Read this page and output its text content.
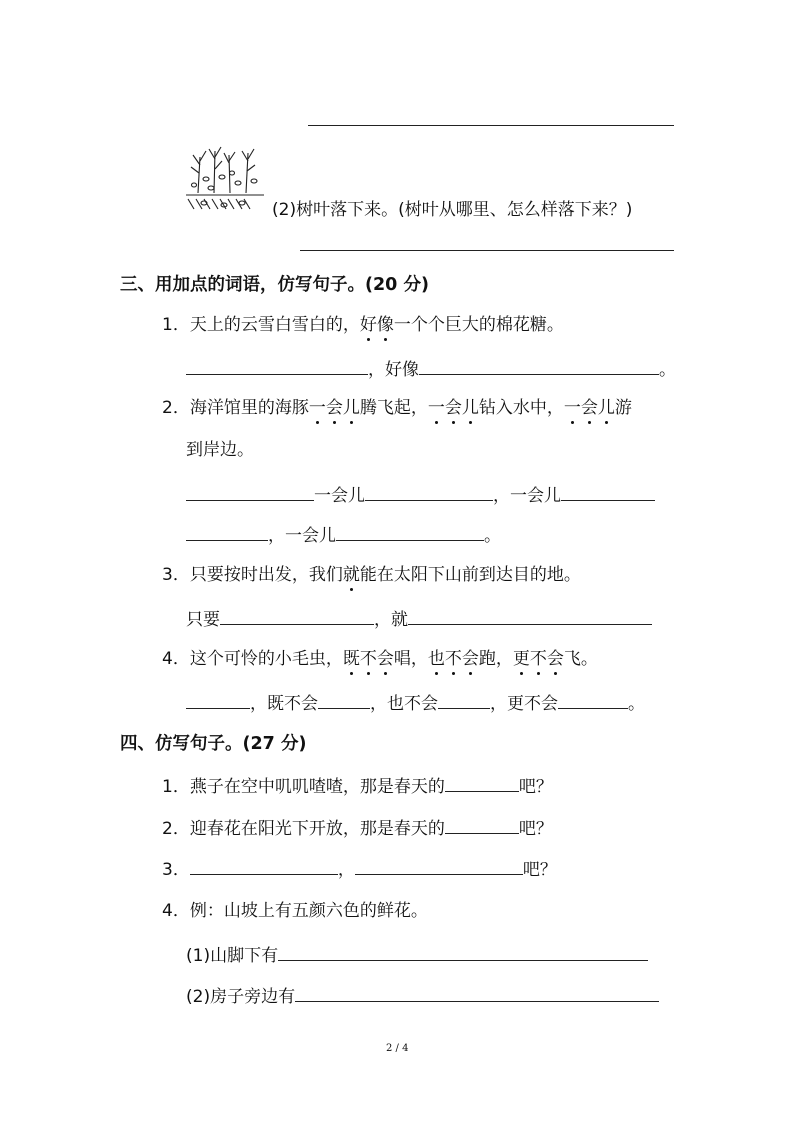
(2)树叶落下来。(树叶从哪里、怎么样落下来？)
三、用加点的词语，仿写句子。(20 分)
1．天上的云雪白雪白的，好像一个个巨大的棉花糖。
，好像	。
2．海洋馆里的海豚一会儿腾飞起，一会儿钻入水中，一会儿游
到岸边。
一会儿	，一会儿
，一会儿	。
3．只要按时出发，我们就能在太阳下山前到达目的地。
只要	，就
4．这个可怜的小毛虫，既不会唱，也不会跑，更不会飞。
，既不会	，也不会	，更不会	。
四、仿写句子。(27 分)
1．燕子在空中叽叽喳喳，那是春天的	吧？
2．迎春花在阳光下开放，那是春天的	吧？
3．	，	吧？
4．例：山坡上有五颜六色的鲜花。
(1)山脚下有
(2)房子旁边有
2 / 4
